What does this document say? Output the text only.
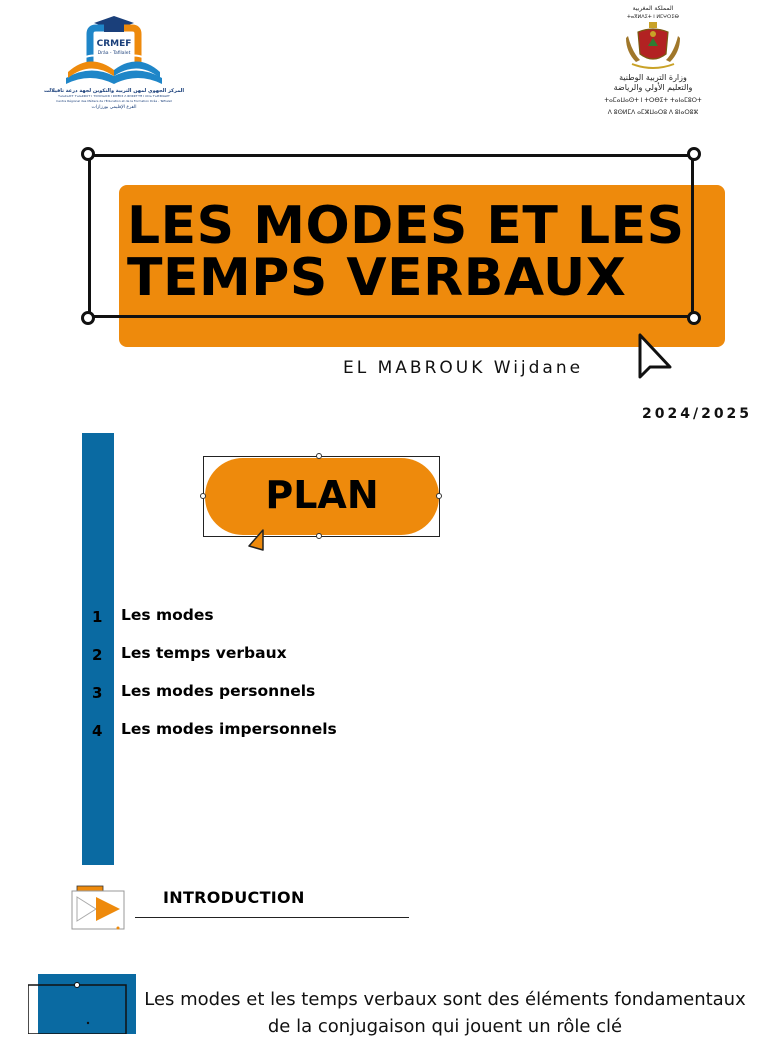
CRMEF
Drâa - Tafilalet
المركز الجهوي لمهن التربية والتكوين لجهة درعة تافيلالت
ⵜⴰⵏⴰⵎⴰⵙⵜ ⵜⴰⵏⴰⵎⵓⵔⵜ ⵏ ⵜⵎⵙⵙⴰⵔⵉⵏ ⵏ ⵓⵙⴳⵎⵉ ⴷ ⵓⵙⵎⵓⵜⵜⴳ ⵏ ⴷⵔⴰ ⵜⴰⴼⵉⵍⴰⵍⵜ
Centre Régional des Métiers de l'Éducation et de la Formation Drâa - Tafilalet
الفرع الإقليمي بورزازات
المملكة المغربية
ⵜⴰⴳⵍⴷⵉⵜ ⵏ ⵍⵎⵖⵔⵉⴱ
وزارة التربية الوطنية
والتعليم الأولي والرياضة
ⵜⴰⵎⴰⵡⴰⵙⵜ ⵏ ⵜⵔⴱⵉⵜ ⵜⴰⵏⴰⵎⵓⵔⵜ
ⴷ ⵓⵙⵍⵎⴷ ⴰⵎⵣⵡⴰⵔⵓ ⴷ ⵓⵏⴰⵔⵓⵣ
LES MODES ET LES
TEMPS VERBAUX
EL MABROUK Wijdane
2024/2025
PLAN
1 Les modes
2 Les temps verbaux
3 Les modes personnels
4 Les modes impersonnels
INTRODUCTION

Les modes et les temps verbaux sont des éléments fondamentaux de la conjugaison qui jouent un rôle clé
